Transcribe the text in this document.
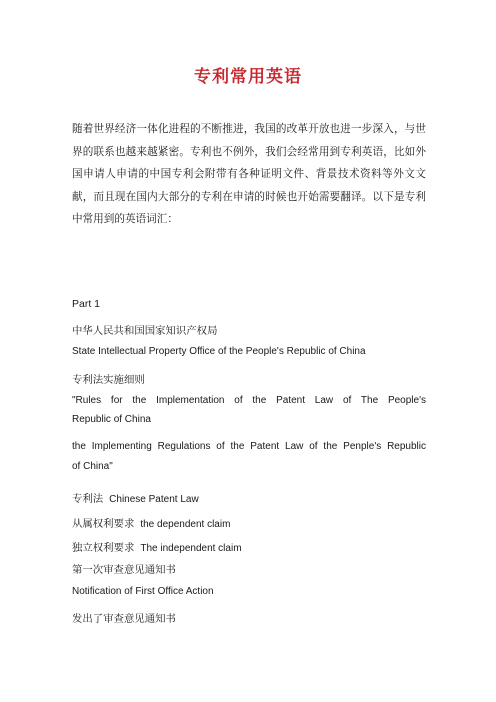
专利常用英语

随着世界经济一体化进程的不断推进，我国的改革开放也进一步深入，与世界的联系也越来越紧密。专利也不例外，我们会经常用到专利英语，比如外国申请人申请的中国专利会附带有各种证明文件、背景技术资料等外文文献，而且现在国内大部分的专利在申请的时候也开始需要翻译。以下是专利中常用到的英语词汇：

Part 1
中华人民共和国国家知识产权局
State Intellectual Property Office of the People's Republic of China
专利法实施细则
"Rules for the Implementation of the Patent Law of The People's
Republic of China
the Implementing Regulations of the Patent Law of the Penple's Republic
of China"
专利法 Chinese Patent Law
从属权利要求 the dependent claim
独立权利要求 The independent claim
第一次审查意见通知书
Notification of First Office Action
发出了审查意见通知书
